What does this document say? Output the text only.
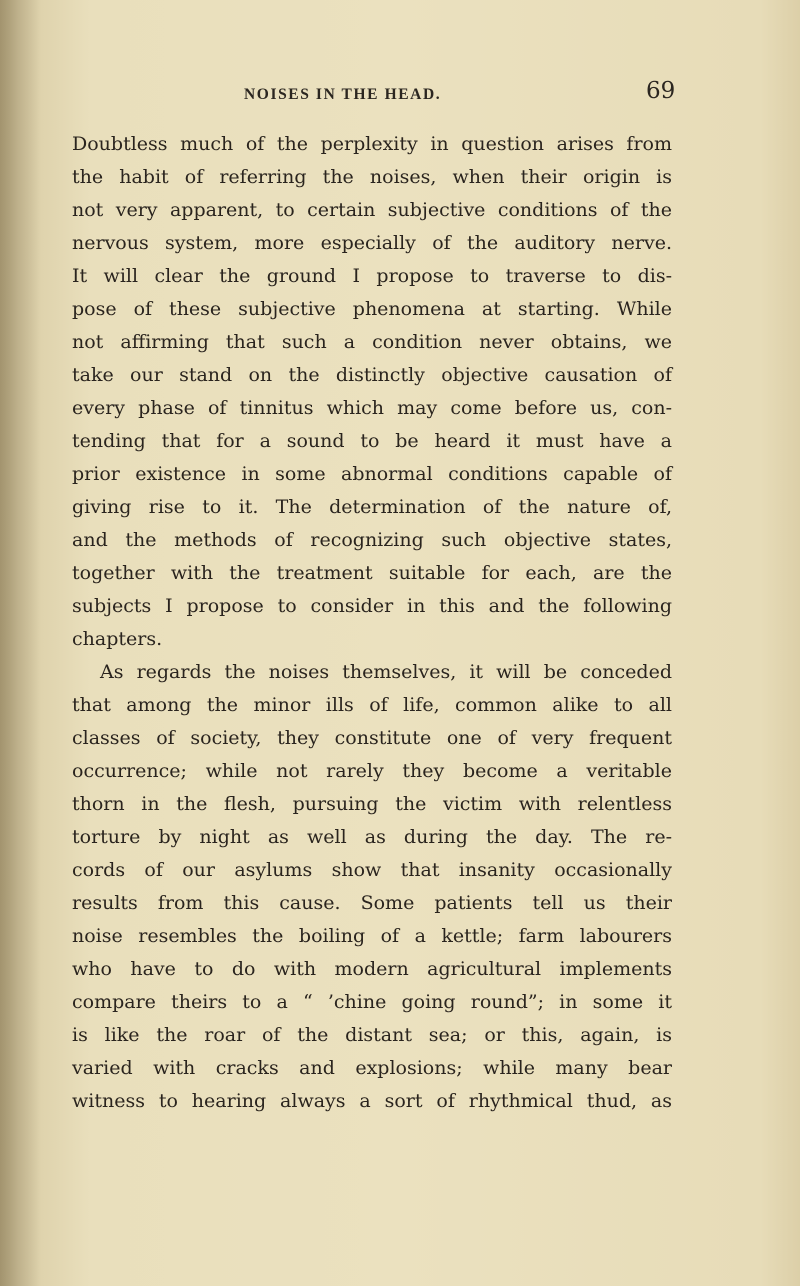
NOISES IN THE HEAD.	69
Doubtless much of the perplexity in question arises from
the habit of referring the noises, when their origin is
not very apparent, to certain subjective conditions of the
nervous system, more especially of the auditory nerve.
It will clear the ground I propose to traverse to dis-
pose of these subjective phenomena at starting. While
not affirming that such a condition never obtains, we
take our stand on the distinctly objective causation of
every phase of tinnitus which may come before us, con-
tending that for a sound to be heard it must have a
prior existence in some abnormal conditions capable of
giving rise to it. The determination of the nature of,
and the methods of recognizing such objective states,
together with the treatment suitable for each, are the
subjects I propose to consider in this and the following
chapters.
As regards the noises themselves, it will be conceded
that among the minor ills of life, common alike to all
classes of society, they constitute one of very frequent
occurrence; while not rarely they become a veritable
thorn in the flesh, pursuing the victim with relentless
torture by night as well as during the day. The re-
cords of our asylums show that insanity occasionally
results from this cause. Some patients tell us their
noise resembles the boiling of a kettle; farm labourers
who have to do with modern agricultural implements
compare theirs to a “ ’chine going round”; in some it
is like the roar of the distant sea; or this, again, is
varied with cracks and explosions; while many bear
witness to hearing always a sort of rhythmical thud, as
